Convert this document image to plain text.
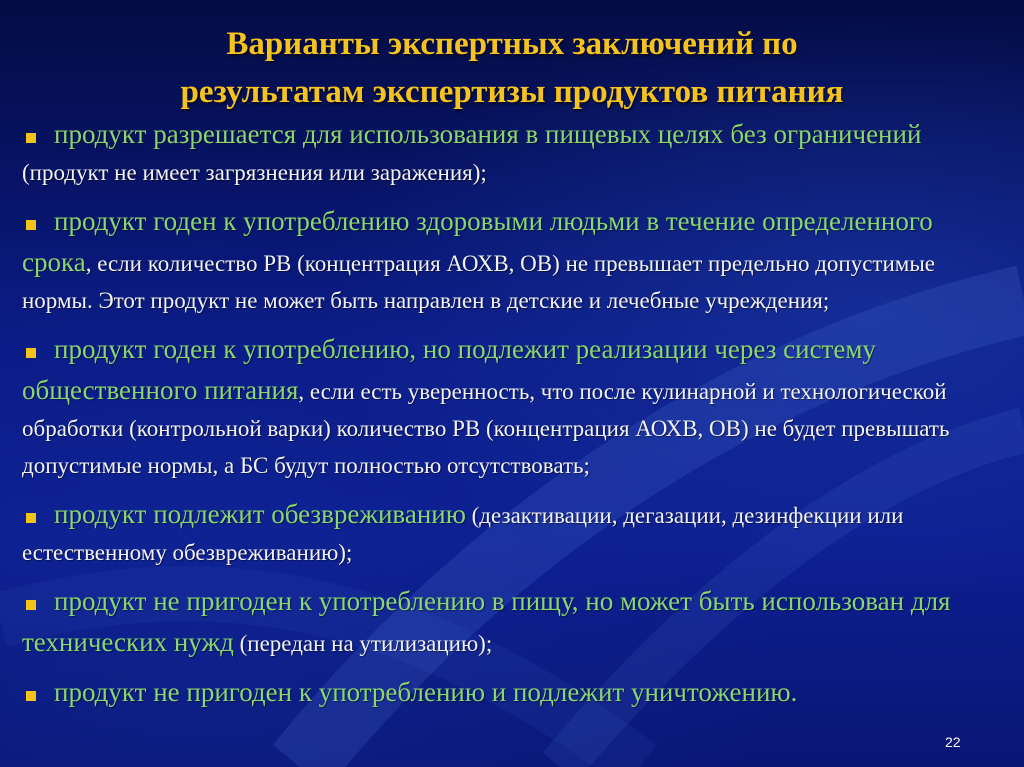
Варианты экспертных заключений по
результатам экспертизы продуктов питания
продукт разрешается для использования в пищевых целях без ограничений (продукт не имеет загрязнения или заражения);
продукт годен к употреблению здоровыми людьми в течение определенного срока, если количество РВ (концентрация АОХВ, ОВ) не превышает предельно допустимые нормы. Этот продукт не может быть направлен в детские и лечебные учреждения;
продукт годен к употреблению, но подлежит реализации через систему общественного питания, если есть уверенность, что после кулинарной и технологической обработки (контрольной варки) количество РВ (концентрация АОХВ, ОВ) не будет превышать допустимые нормы, а БС будут полностью отсутствовать;
продукт подлежит обезвреживанию (дезактивации, дегазации, дезинфекции или естественному обезвреживанию);
продукт не пригоден к употреблению в пищу, но может быть использован для технических нужд (передан на утилизацию);
продукт не пригоден к употреблению и подлежит уничтожению.
22
